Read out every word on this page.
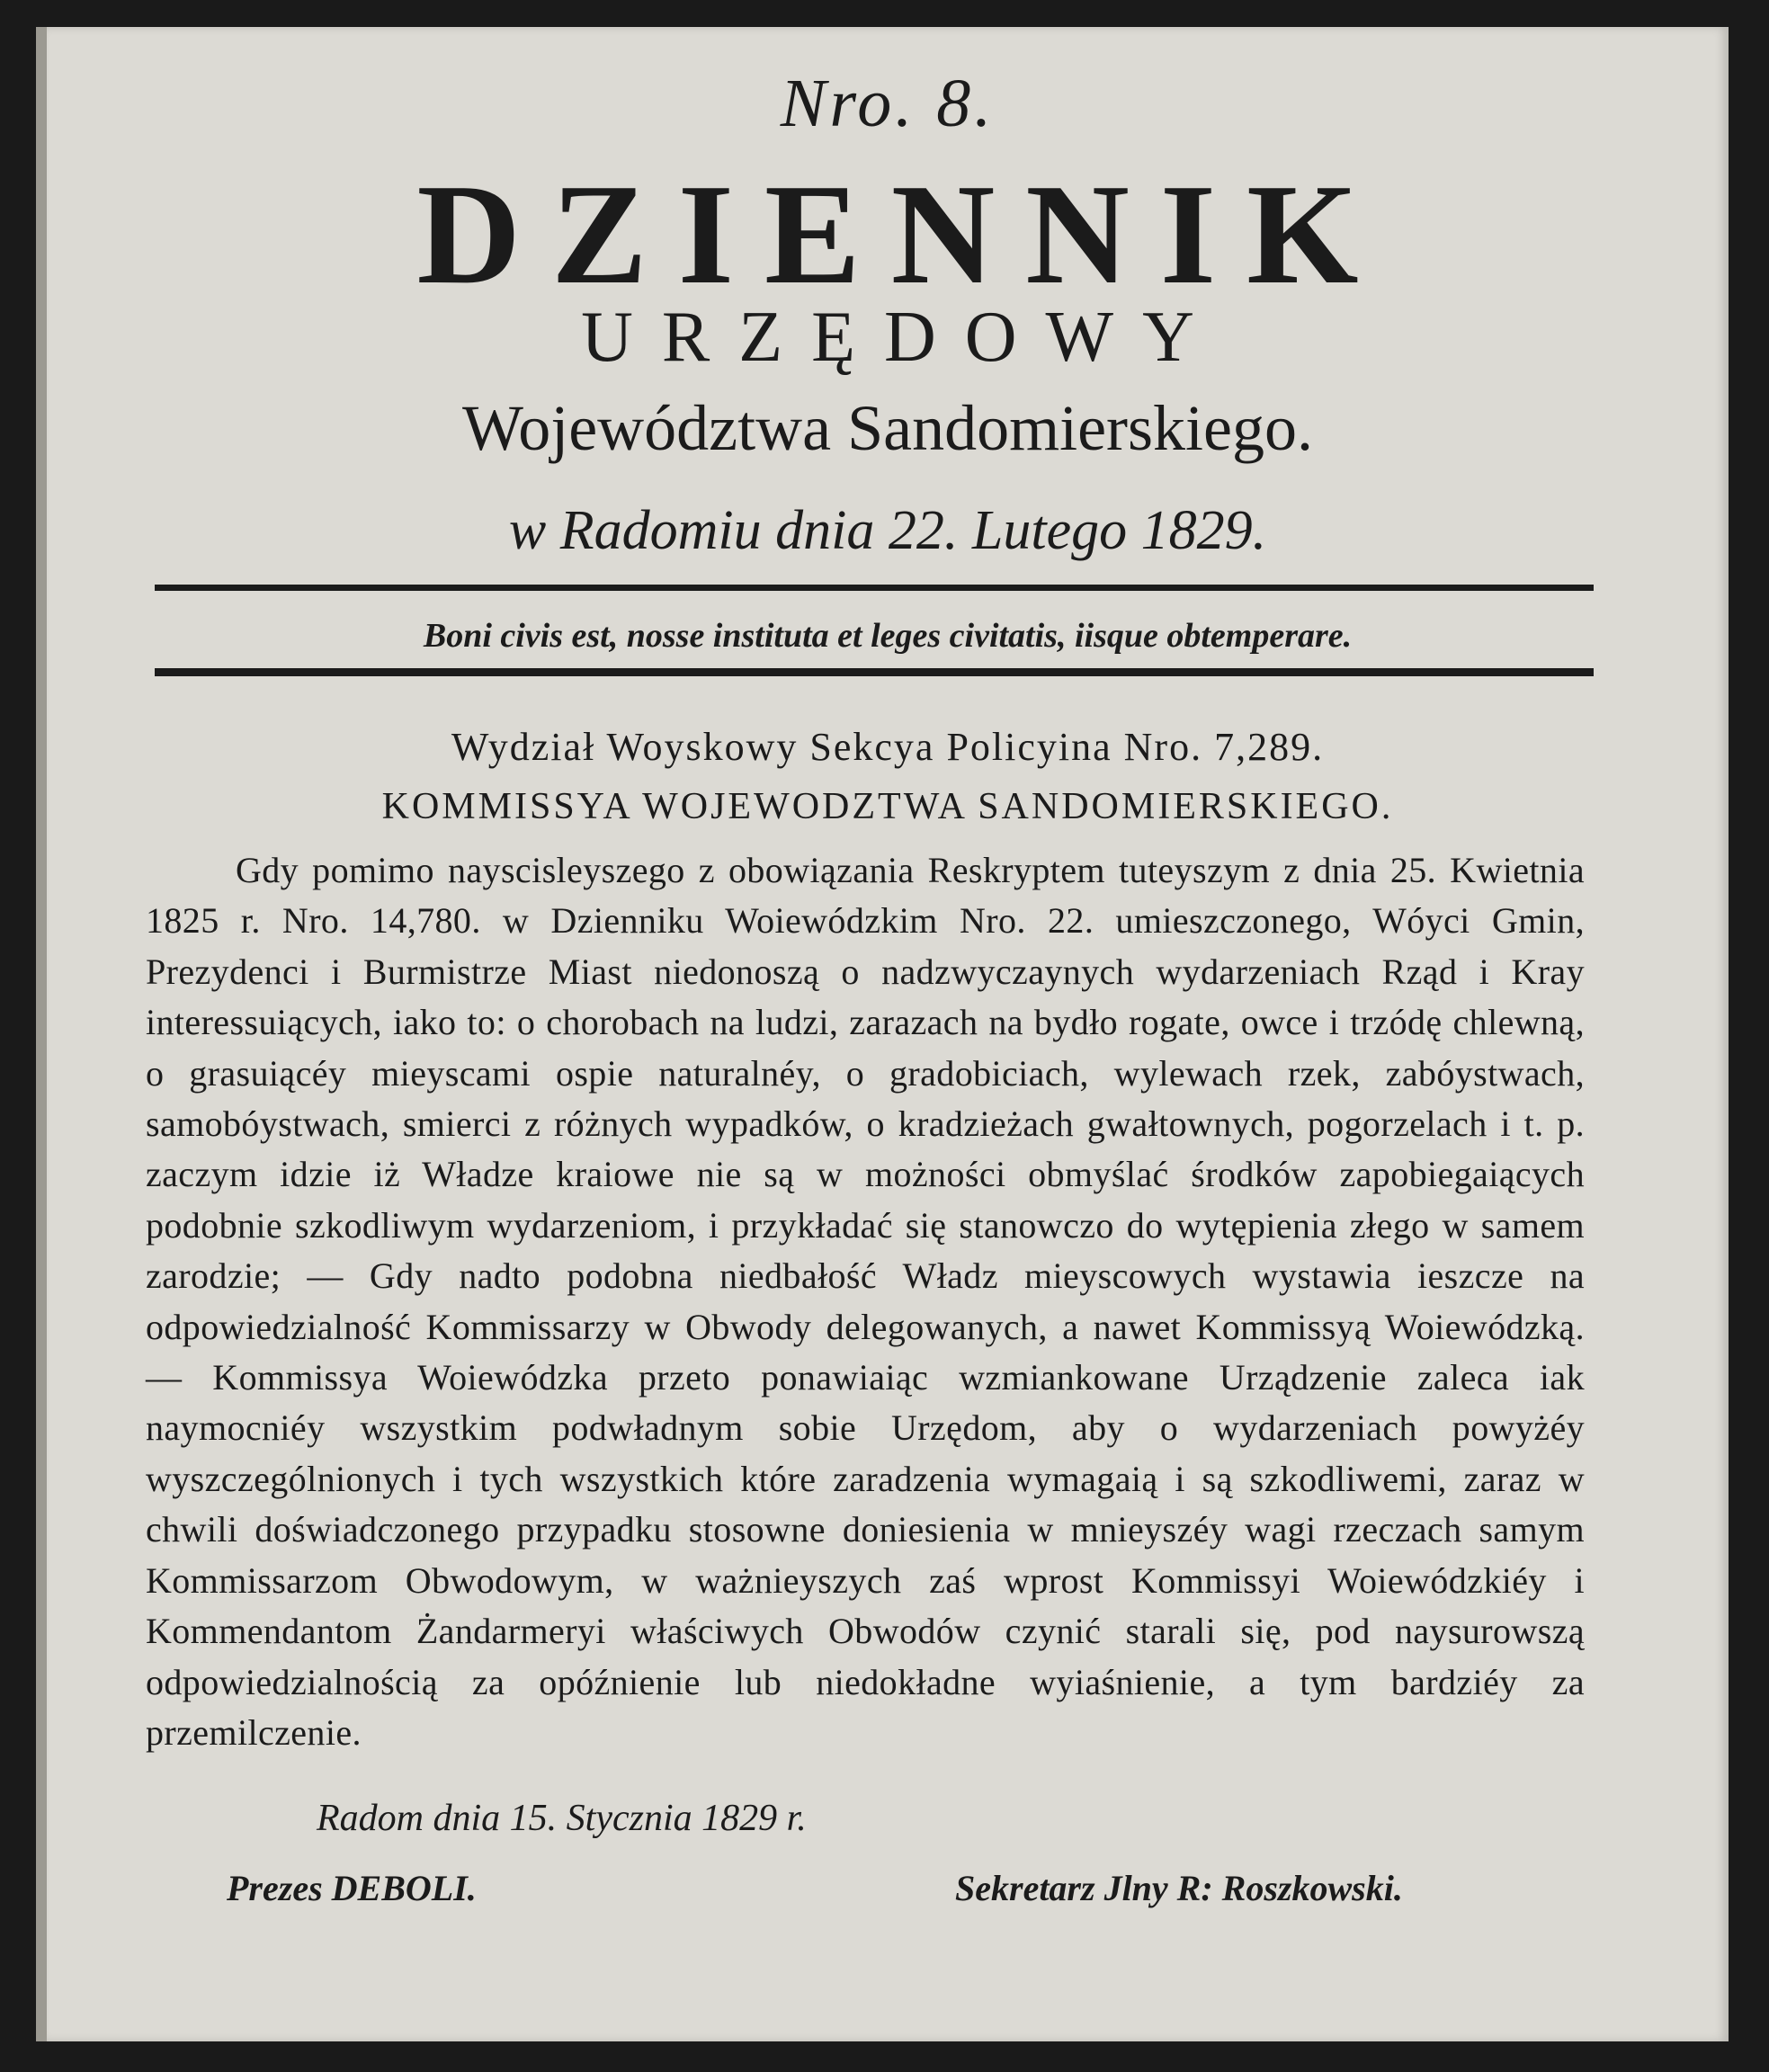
Nro. 8.
DZIENNIK
URZĘDOWY
Województwa Sandomierskiego.
w Radomiu dnia 22. Lutego 1829.
Boni civis est, nosse instituta et leges civitatis, iisque obtemperare.
Wydział Woyskowy Sekcya Policyina Nro. 7,289.
KOMMISSYA WOJEWODZTWA SANDOMIERSKIEGO.
Gdy pomimo nayscisleyszego z obowiązania Reskryptem tuteyszym z dnia 25. Kwietnia 1825 r. Nro. 14,780. w Dzienniku Woiewódzkim Nro. 22. umieszczonego, Wóyci Gmin, Prezydenci i Burmistrze Miast niedonoszą o nadzwyczaynych wydarzeniach Rząd i Kray interessuiących, iako to: o chorobach na ludzi, zarazach na bydło rogate, owce i trzódę chlewną, o grasuiącéy mieyscami ospie naturalnéy, o gradobiciach, wylewach rzek, zabóystwach, samobóystwach, smierci z różnych wypadków, o kradzieżach gwałtownych, pogorzelach i t. p. zaczym idzie iż Władze kraiowe nie są w możności obmyślać środków zapobiegaiących podobnie szkodliwym wydarzeniom, i przykładać się stanowczo do wytępienia złego w samem zarodzie; — Gdy nadto podobna niedbałość Władz mieyscowych wystawia ieszcze na odpowiedzialność Kommissarzy w Obwody delegowanych, a nawet Kommissyą Woiewódzką. — Kommissya Woiewódzka przeto ponawiaiąc wzmiankowane Urządzenie zaleca iak naymocniéy wszystkim podwładnym sobie Urzędom, aby o wydarzeniach powyżéy wyszczególnionych i tych wszystkich które zaradzenia wymagaią i są szkodliwemi, zaraz w chwili doświadczonego przypadku stosowne doniesienia w mnieyszéy wagi rzeczach samym Kommissarzom Obwodowym, w ważnieyszych zaś wprost Kommissyi Woiewódzkiéy i Kommendantom Żandarmeryi właściwych Obwodów czynić starali się, pod naysurowszą odpowiedzialnością za opóźnienie lub niedokładne wyiaśnienie, a tym bardziéy za przemilczenie.
Radom dnia 15. Stycznia 1829 r.
Prezes DEBOLI.	Sekretarz Jlny R: Roszkowski.
